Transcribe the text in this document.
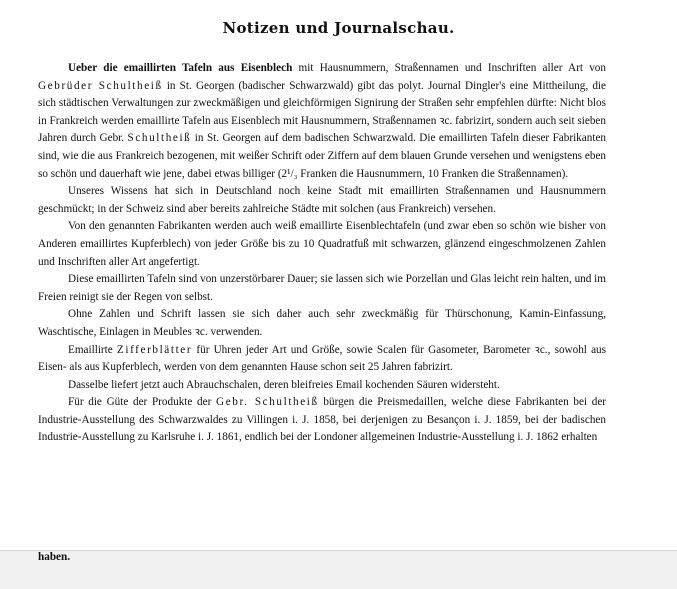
Notizen und Journalschau.

Ueber die emaillirten Tafeln aus Eisenblech mit Hausnummern, Straßennamen und Inschriften aller Art von Gebrüder Schultheiß in St. Georgen (badischer Schwarzwald) gibt das polyt. Journal Dingler's eine Mittheilung, die sich städtischen Verwaltungen zur zweckmäßigen und gleichförmigen Signirung der Straßen sehr empfehlen dürfte: Nicht blos in Frankreich werden emaillirte Tafeln aus Eisenblech mit Hausnummern, Straßennamen ꝛc. fabrizirt, sondern auch seit sieben Jahren durch Gebr. Schultheiß in St. Georgen auf dem badischen Schwarzwald. Die emaillirten Tafeln dieser Fabrikanten sind, wie die aus Frankreich bezogenen, mit weißer Schrift oder Ziffern auf dem blauen Grunde versehen und wenigstens eben so schön und dauerhaft wie jene, dabei etwas billiger (2¹/₃ Franken die Hausnummern, 10 Franken die Straßennamen).

Unseres Wissens hat sich in Deutschland noch keine Stadt mit emaillirten Straßennamen und Hausnummern geschmückt; in der Schweiz sind aber bereits zahlreiche Städte mit solchen (aus Frankreich) versehen.

Von den genannten Fabrikanten werden auch weiß emaillirte Eisenblechtafeln (und zwar eben so schön wie bisher von Anderen emaillirtes Kupferblech) von jeder Größe bis zu 10 Quadratfuß mit schwarzen, glänzend eingeschmolzenen Zahlen und Inschriften aller Art angefertigt.

Diese emaillirten Tafeln sind von unzerstörbarer Dauer; sie lassen sich wie Porzellan und Glas leicht rein halten, und im Freien reinigt sie der Regen von selbst.

Ohne Zahlen und Schrift lassen sie sich daher auch sehr zweckmäßig für Thürschonung, Kamin-Einfassung, Waschtische, Einlagen in Meubles ꝛc. verwenden.

Emaillirte Zifferblätter für Uhren jeder Art und Größe, sowie Scalen für Gasometer, Barometer ꝛc., sowohl aus Eisen- als aus Kupferblech, werden von dem genannten Hause schon seit 25 Jahren fabrizirt.

Dasselbe liefert jetzt auch Abrauchschalen, deren bleifreies Email kochenden Säuren widersteht.

Für die Güte der Produkte der Gebr. Schultheiß bürgen die Preismedaillen, welche diese Fabrikanten bei der Industrie-Ausstellung des Schwarzwaldes zu Villingen i. J. 1858, bei derjenigen zu Besançon i. J. 1859, bei der badischen Industrie-Ausstellung zu Karlsruhe i. J. 1861, endlich bei der Londoner allgemeinen Industrie-Ausstellung i. J. 1862 erhalten

haben.
